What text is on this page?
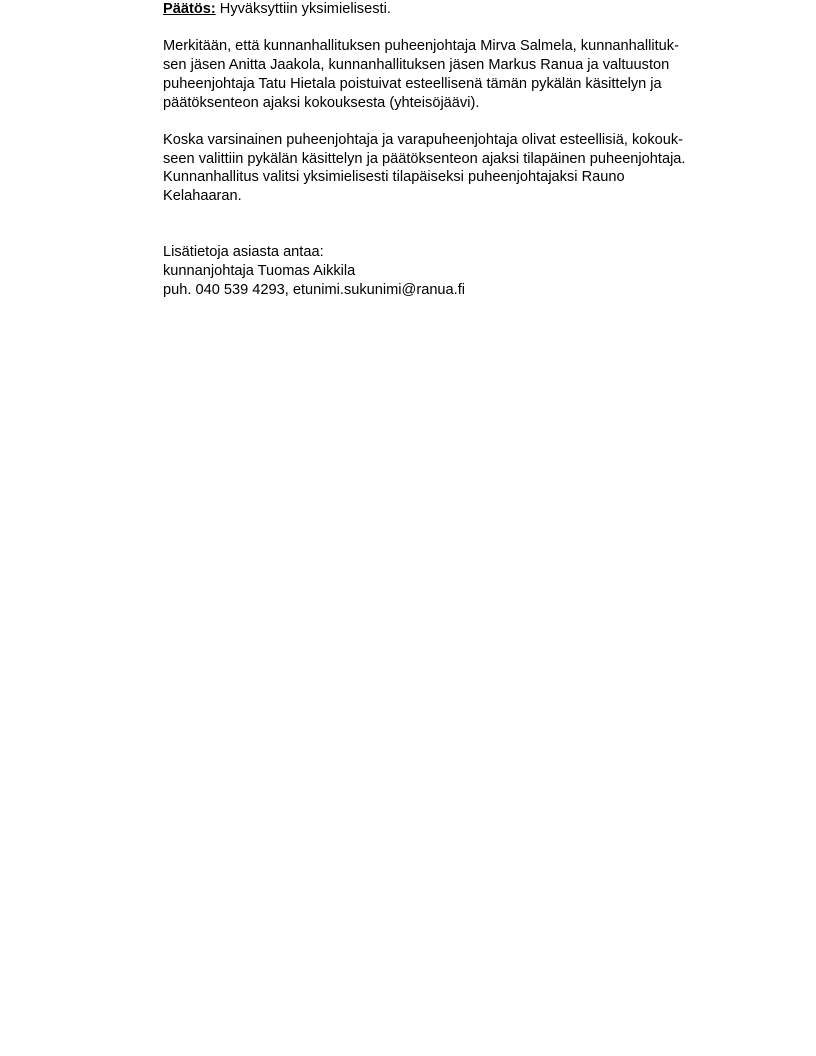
Päätös: Hyväksyttiin yksimielisesti.
Merkitään, että kunnanhallituksen puheenjohtaja Mirva Salmela, kunnanhallituk-
sen jäsen Anitta Jaakola, kunnanhallituksen jäsen Markus Ranua ja valtuuston
puheenjohtaja Tatu Hietala poistuivat esteellisenä tämän pykälän käsittelyn ja
päätöksenteon ajaksi kokouksesta (yhteisöjäävi).
Koska varsinainen puheenjohtaja ja varapuheenjohtaja olivat esteellisiä, kokouk-
seen valittiin pykälän käsittelyn ja päätöksenteon ajaksi tilapäinen puheenjohtaja.
Kunnanhallitus valitsi yksimielisesti tilapäiseksi puheenjohtajaksi Rauno
Kelahaaran.
Lisätietoja asiasta antaa:
kunnanjohtaja Tuomas Aikkila
puh. 040 539 4293, etunimi.sukunimi@ranua.fi
